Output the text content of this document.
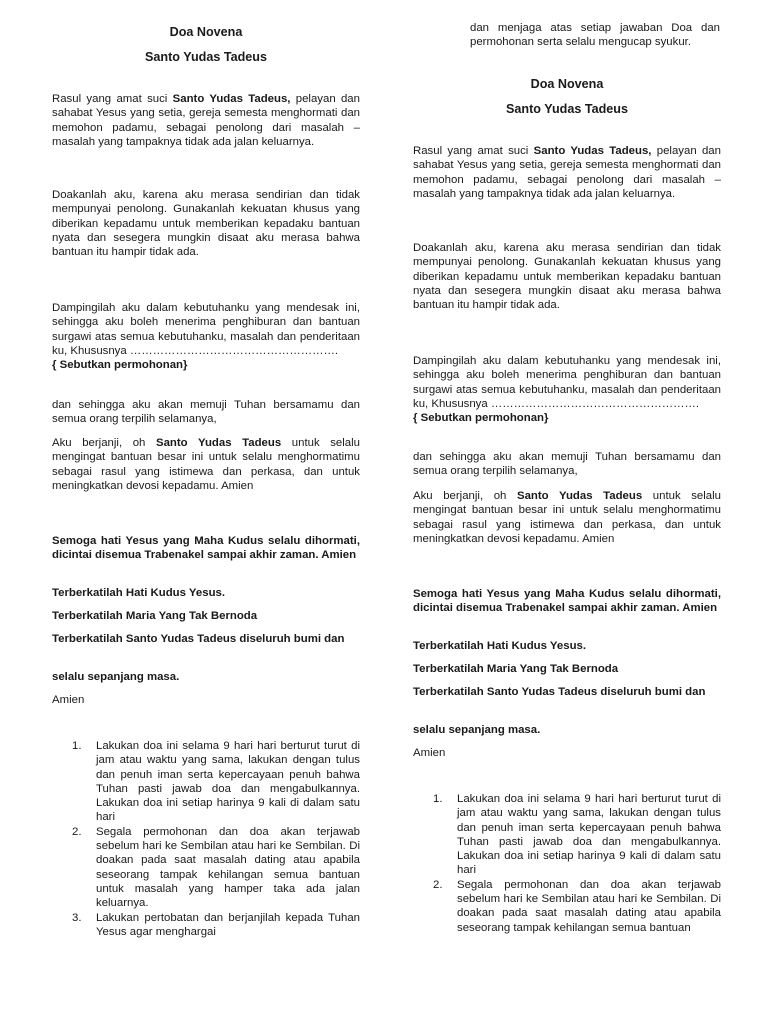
dan menjaga atas setiap jawaban Doa dan permohonan serta selalu mengucap syukur.
Doa Novena
Santo Yudas Tadeus

Rasul yang amat suci Santo Yudas Tadeus, pelayan dan sahabat Yesus yang setia, gereja semesta menghormati dan memohon padamu, sebagai penolong dari masalah – masalah yang tampaknya tidak ada jalan keluarnya.

Doakanlah aku, karena aku merasa sendirian dan tidak mempunyai penolong. Gunakanlah kekuatan khusus yang diberikan kepadamu untuk memberikan kepadaku bantuan nyata dan sesegera mungkin disaat aku merasa bahwa bantuan itu hampir tidak ada.

Dampingilah aku dalam kebutuhanku yang mendesak ini, sehingga aku boleh menerima penghiburan dan bantuan surgawi atas semua kebutuhanku, masalah dan penderitaan ku, Khususnya ……………………………………………….

{ Sebutkan permohonan}

dan sehingga aku akan memuji Tuhan bersamamu dan semua orang terpilih selamanya,

Aku berjanji, oh Santo Yudas Tadeus untuk selalu mengingat bantuan besar ini untuk selalu menghormatimu sebagai rasul yang istimewa dan perkasa, dan untuk meningkatkan devosi kepadamu. Amien

Semoga hati Yesus yang Maha Kudus selalu dihormati, dicintai disemua Trabenakel sampai akhir zaman. Amien

Terberkatilah Hati Kudus Yesus.

Terberkatilah Maria Yang Tak Bernoda

Terberkatilah Santo Yudas Tadeus diseluruh bumi dan

selalu sepanjang masa.

Amien

1. Lakukan doa ini selama 9 hari hari berturut turut di jam atau waktu yang sama, lakukan dengan tulus dan penuh iman serta kepercayaan penuh bahwa Tuhan pasti jawab doa dan mengabulkannya. Lakukan doa ini setiap harinya 9 kali di dalam satu hari
2. Segala permohonan dan doa akan terjawab sebelum hari ke Sembilan atau hari ke Sembilan. Di doakan pada saat masalah dating atau apabila seseorang tampak kehilangan semua bantuan untuk masalah yang hamper taka ada jalan keluarnya.
3. Lakukan pertobatan dan berjanjilah kepada Tuhan Yesus agar menghargai
Doa Novena
Santo Yudas Tadeus

Rasul yang amat suci Santo Yudas Tadeus, pelayan dan sahabat Yesus yang setia, gereja semesta menghormati dan memohon padamu, sebagai penolong dari masalah – masalah yang tampaknya tidak ada jalan keluarnya.

Doakanlah aku, karena aku merasa sendirian dan tidak mempunyai penolong. Gunakanlah kekuatan khusus yang diberikan kepadamu untuk memberikan kepadaku bantuan nyata dan sesegera mungkin disaat aku merasa bahwa bantuan itu hampir tidak ada.

Dampingilah aku dalam kebutuhanku yang mendesak ini, sehingga aku boleh menerima penghiburan dan bantuan surgawi atas semua kebutuhanku, masalah dan penderitaan ku, Khususnya ……………………………………………….

{ Sebutkan permohonan}

dan sehingga aku akan memuji Tuhan bersamamu dan semua orang terpilih selamanya,

Aku berjanji, oh Santo Yudas Tadeus untuk selalu mengingat bantuan besar ini untuk selalu menghormatimu sebagai rasul yang istimewa dan perkasa, dan untuk meningkatkan devosi kepadamu. Amien

Semoga hati Yesus yang Maha Kudus selalu dihormati, dicintai disemua Trabenakel sampai akhir zaman. Amien

Terberkatilah Hati Kudus Yesus.

Terberkatilah Maria Yang Tak Bernoda

Terberkatilah Santo Yudas Tadeus diseluruh bumi dan

selalu sepanjang masa.

Amien

1. Lakukan doa ini selama 9 hari hari berturut turut di jam atau waktu yang sama, lakukan dengan tulus dan penuh iman serta kepercayaan penuh bahwa Tuhan pasti jawab doa dan mengabulkannya. Lakukan doa ini setiap harinya 9 kali di dalam satu hari
2. Segala permohonan dan doa akan terjawab sebelum hari ke Sembilan atau hari ke Sembilan. Di doakan pada saat masalah dating atau apabila seseorang tampak kehilangan semua bantuan
